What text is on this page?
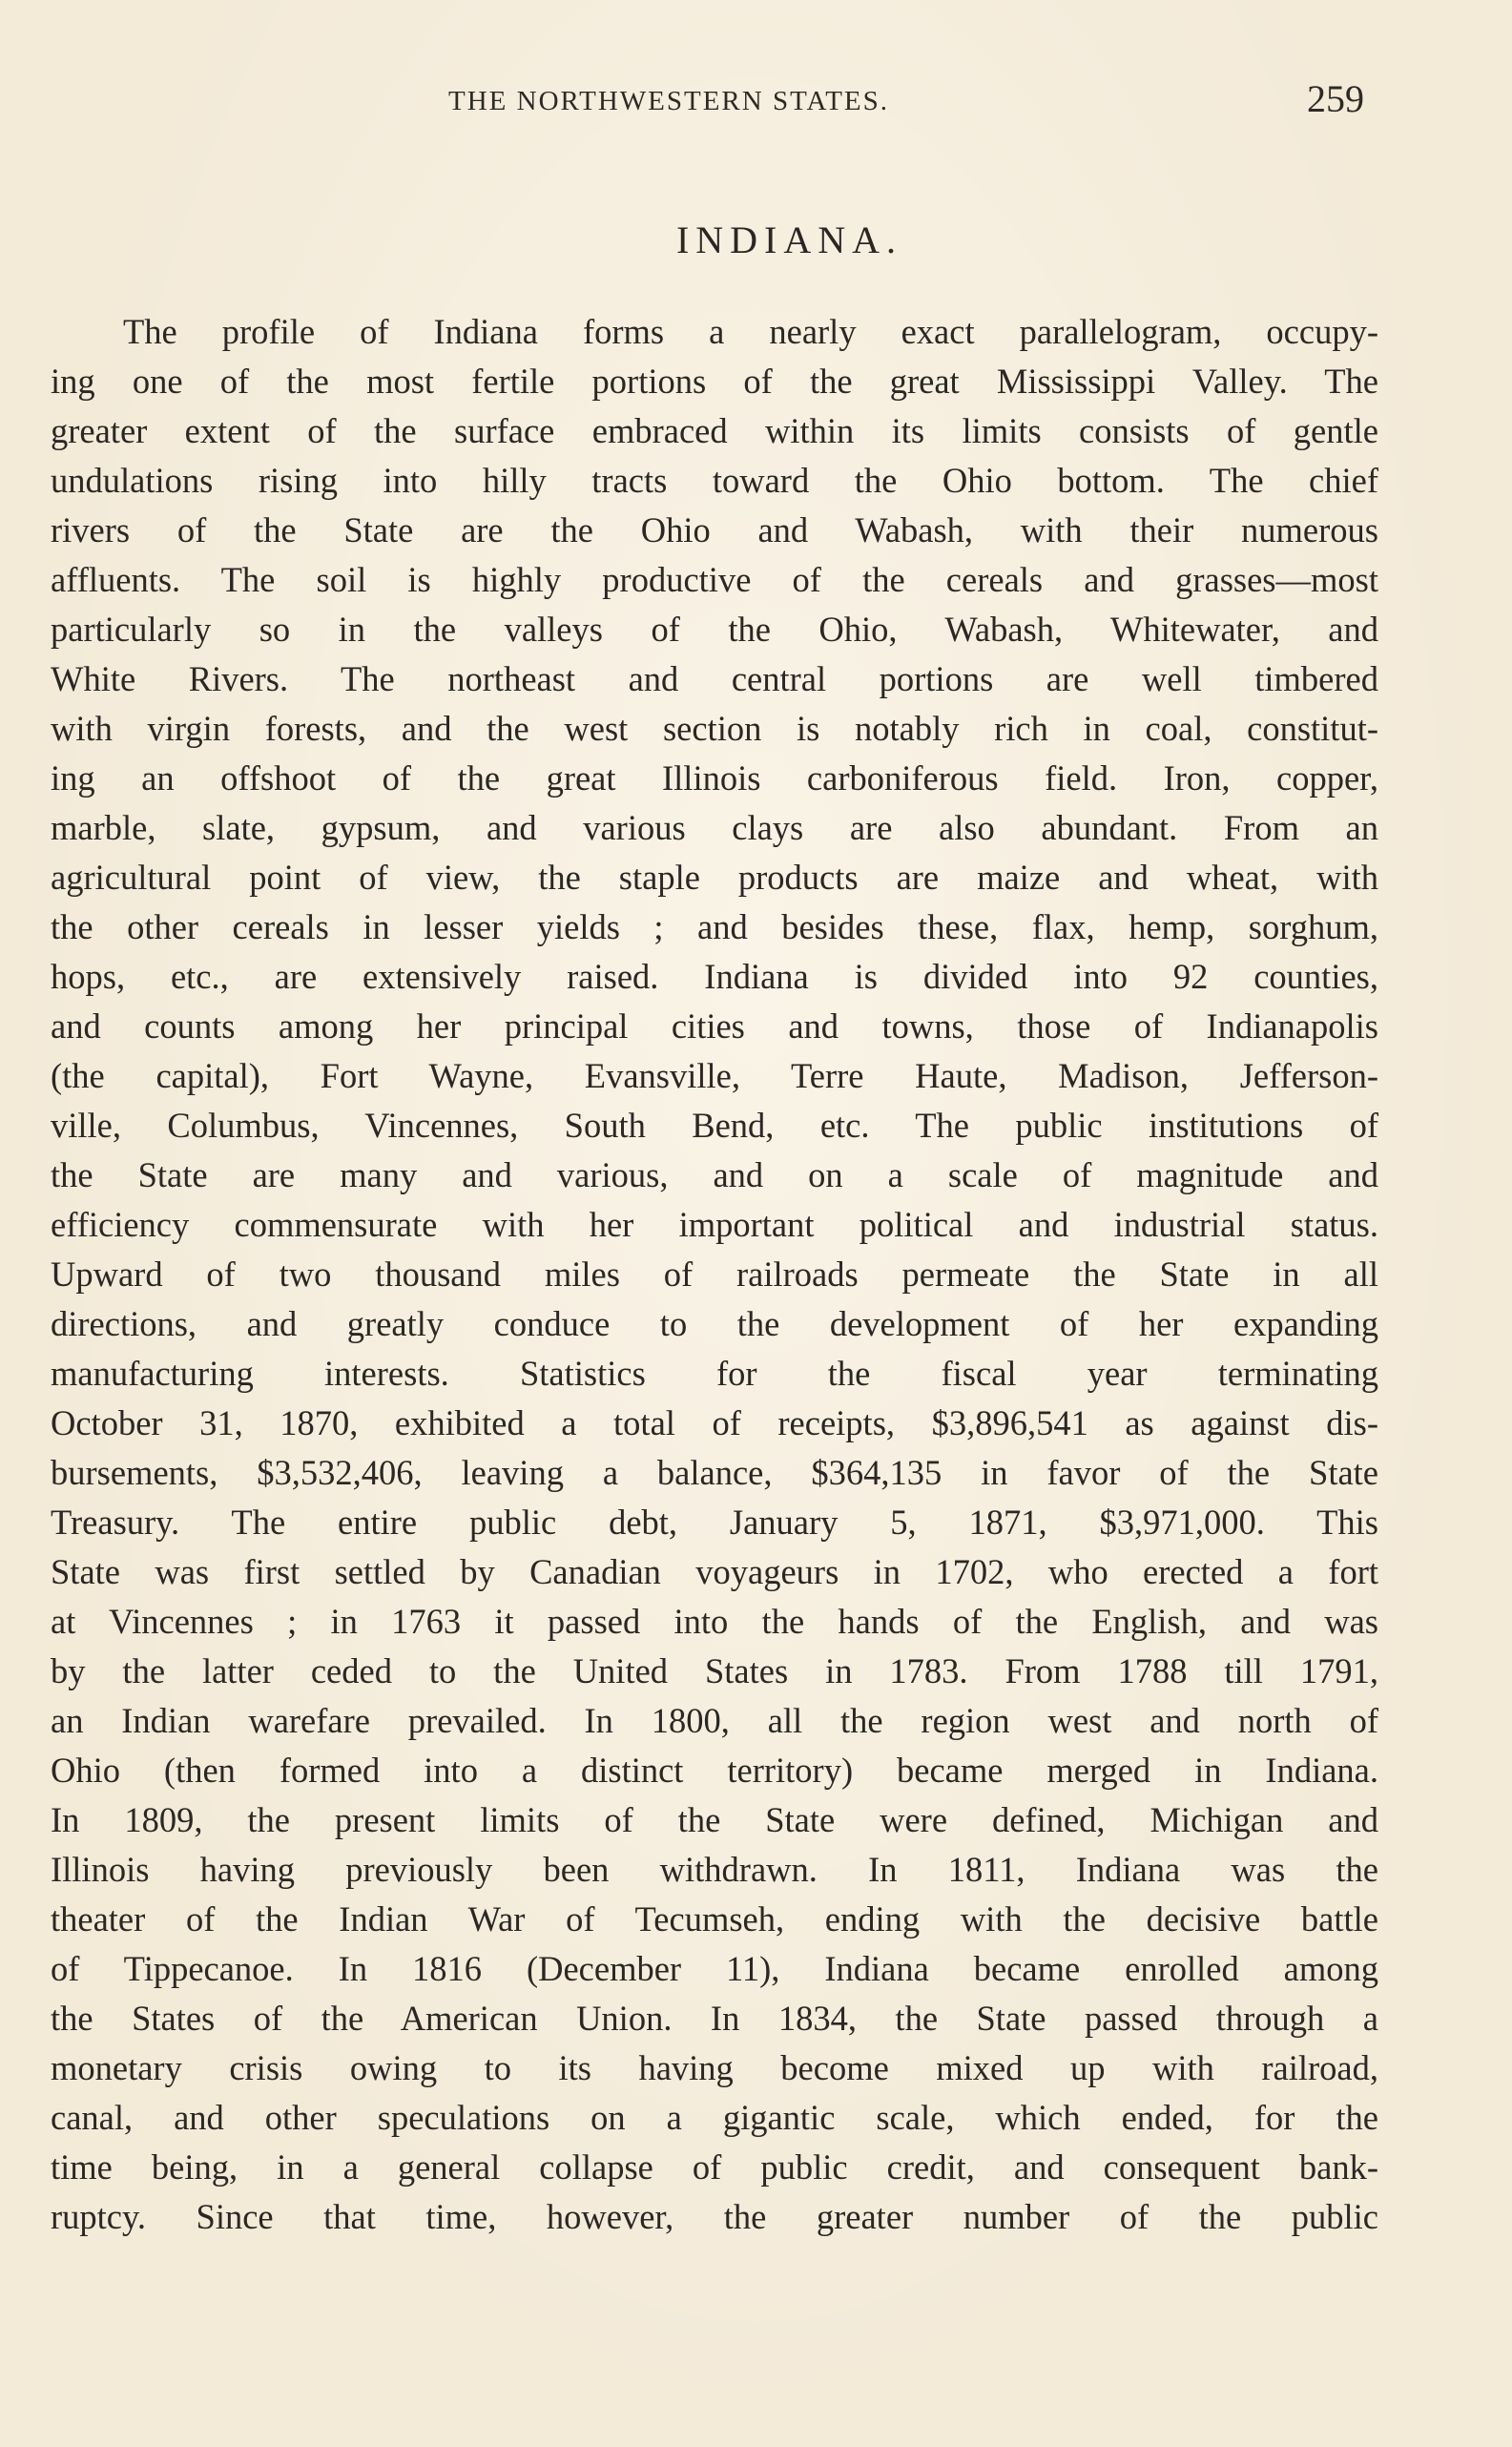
THE NORTHWESTERN STATES.	259
INDIANA.
The profile of Indiana forms a nearly exact parallelogram, occupy-
ing one of the most fertile portions of the great Mississippi Valley. The
greater extent of the surface embraced within its limits consists of gentle
undulations rising into hilly tracts toward the Ohio bottom. The chief
rivers of the State are the Ohio and Wabash, with their numerous
affluents. The soil is highly productive of the cereals and grasses—most
particularly so in the valleys of the Ohio, Wabash, Whitewater, and
White Rivers. The northeast and central portions are well timbered
with virgin forests, and the west section is notably rich in coal, constitut-
ing an offshoot of the great Illinois carboniferous field. Iron, copper,
marble, slate, gypsum, and various clays are also abundant. From an
agricultural point of view, the staple products are maize and wheat, with
the other cereals in lesser yields ; and besides these, flax, hemp, sorghum,
hops, etc., are extensively raised. Indiana is divided into 92 counties,
and counts among her principal cities and towns, those of Indianapolis
(the capital), Fort Wayne, Evansville, Terre Haute, Madison, Jefferson-
ville, Columbus, Vincennes, South Bend, etc. The public institutions of
the State are many and various, and on a scale of magnitude and
efficiency commensurate with her important political and industrial status.
Upward of two thousand miles of railroads permeate the State in all
directions, and greatly conduce to the development of her expanding
manufacturing interests. Statistics for the fiscal year terminating
October 31, 1870, exhibited a total of receipts, $3,896,541 as against dis-
bursements, $3,532,406, leaving a balance, $364,135 in favor of the State
Treasury. The entire public debt, January 5, 1871, $3,971,000. This
State was first settled by Canadian voyageurs in 1702, who erected a fort
at Vincennes ; in 1763 it passed into the hands of the English, and was
by the latter ceded to the United States in 1783. From 1788 till 1791,
an Indian warefare prevailed. In 1800, all the region west and north of
Ohio (then formed into a distinct territory) became merged in Indiana.
In 1809, the present limits of the State were defined, Michigan and
Illinois having previously been withdrawn. In 1811, Indiana was the
theater of the Indian War of Tecumseh, ending with the decisive battle
of Tippecanoe. In 1816 (December 11), Indiana became enrolled among
the States of the American Union. In 1834, the State passed through a
monetary crisis owing to its having become mixed up with railroad,
canal, and other speculations on a gigantic scale, which ended, for the
time being, in a general collapse of public credit, and consequent bank-
ruptcy. Since that time, however, the greater number of the public
